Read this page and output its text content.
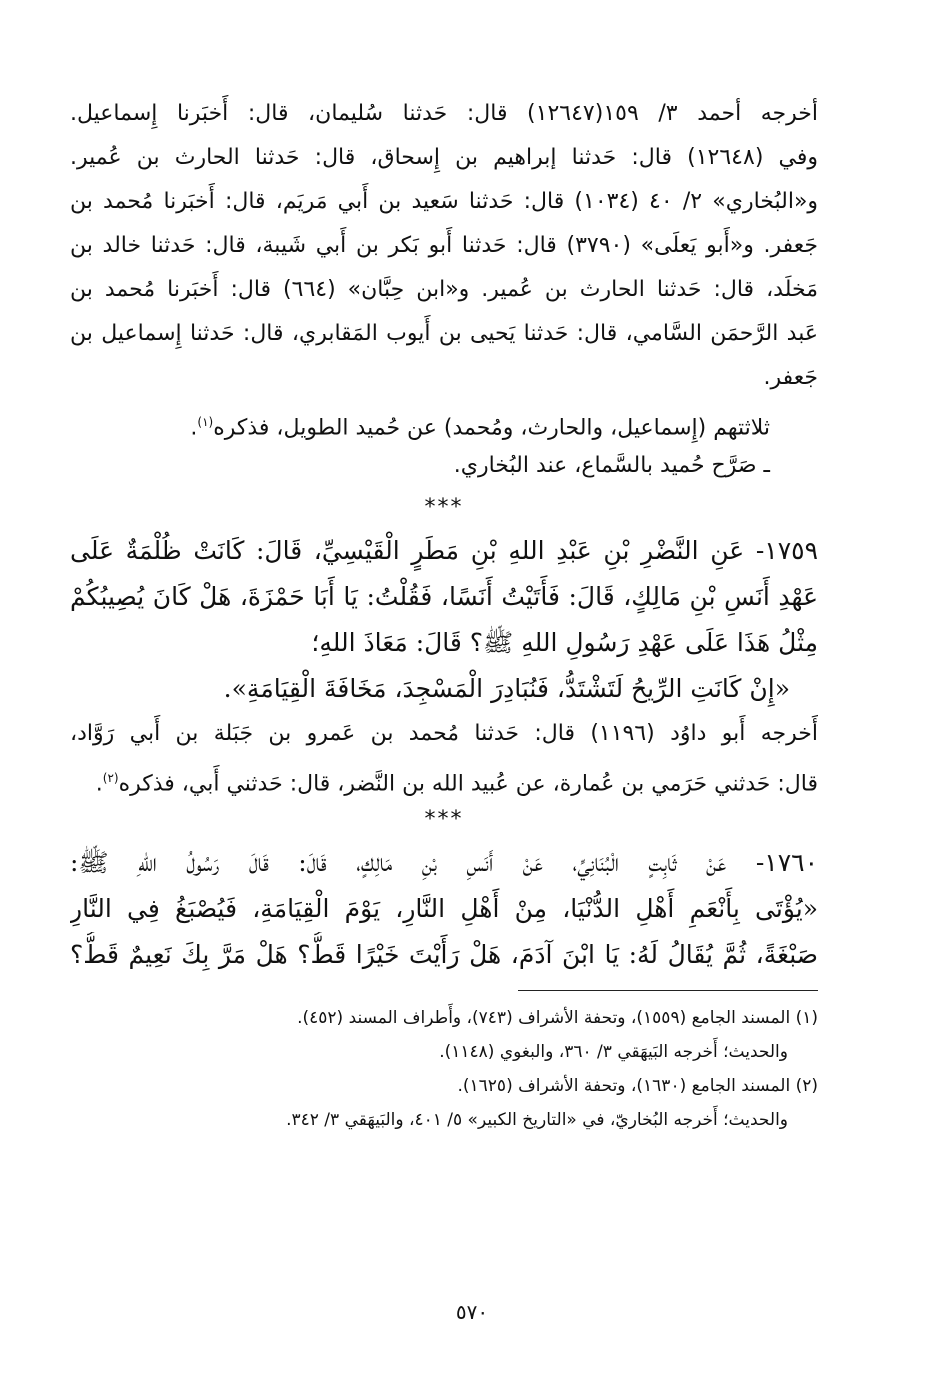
أخرجه أحمد ٣/ ١٥٩(١٢٦٤٧) قال: حَدثنا سُليمان، قال: أَخبَرنا إِسماعيل.
وفي (١٢٦٤٨) قال: حَدثنا إبراهيم بن إِسحاق، قال: حَدثنا الحارث بن عُمير.
و«البُخاري» ٢/ ٤٠ (١٠٣٤) قال: حَدثنا سَعيد بن أَبي مَريَم، قال: أَخبَرنا مُحمد بن
جَعفر. و«أَبو يَعلَى» (٣٧٩٠) قال: حَدثنا أَبو بَكر بن أَبي شَيبة، قال: حَدثنا خالد بن
مَخلَد، قال: حَدثنا الحارث بن عُمير. و«ابن حِبَّان» (٦٦٤) قال: أَخبَرنا مُحمد بن
عَبد الرَّحمَن السَّامي، قال: حَدثنا يَحيى بن أَيوب المَقابري، قال: حَدثنا إِسماعيل بن
جَعفر.
ثلاثتهم (إِسماعيل، والحارث، ومُحمد) عن حُميد الطويل، فذكره$^{(١)}$.
ـ صَرَّح حُميد بالسَّماع، عند البُخاري.
***
١٧٥٩- عَنِ النَّضْرِ بْنِ عَبْدِ اللهِ بْنِ مَطَرٍ الْقَيْسِيِّ، قَالَ: كَانَتْ ظُلْمَةٌ عَلَى
عَهْدِ أَنَسِ بْنِ مَالِكٍ، قَالَ: فَأَتَيْتُ أَنَسًا، فَقُلْتُ: يَا أَبَا حَمْزَةَ، هَلْ كَانَ يُصِيبُكُمْ
مِثْلُ هَذَا عَلَى عَهْدِ رَسُولِ اللهِ ﷺ؟ قَالَ: مَعَاذَ اللهِ؛
«إِنْ كَانَتِ الرِّيحُ لَتَشْتَدُّ، فَنُبَادِرَ الْمَسْجِدَ، مَخَافَةَ الْقِيَامَةِ».
أَخرجه أَبو داوُد (١١٩٦) قال: حَدثنا مُحمد بن عَمرو بن جَبَلة بن أَبي رَوَّاد،
قال: حَدثني حَرَمي بن عُمارة، عن عُبيد الله بن النَّضر، قال: حَدثني أَبي، فذكره$^{(٢)}$.
***
١٧٦٠- عَنْ ثَابِتٍ الْبُنَانِيِّ، عَنْ أَنَسِ بْنِ مَالِكٍ، قَالَ: قَالَ رَسُولُ اللهِ ﷺ:
«يُؤْتَى بِأَنْعَمِ أَهْلِ الدُّنْيَا، مِنْ أَهْلِ النَّارِ، يَوْمَ الْقِيَامَةِ، فَيُصْبَغُ فِي النَّارِ
صَبْغَةً، ثُمَّ يُقَالُ لَهُ: يَا ابْنَ آدَمَ، هَلْ رَأَيْتَ خَيْرًا قَطُّ؟ هَلْ مَرَّ بِكَ نَعِيمٌ قَطُّ؟
(١) المسند الجامع (١٥٥٩)، وتحفة الأشراف (٧٤٣)، وأَطراف المسند (٤٥٢).
والحديث؛ أَخرجه البَيهَقي ٣/ ٣٦٠، والبغوي (١١٤٨).
(٢) المسند الجامع (١٦٣٠)، وتحفة الأشراف (١٦٢٥).
والحديث؛ أَخرجه البُخاريّ، في «التاريخ الكبير» ٥/ ٤٠١، والبَيهَقي ٣/ ٣٤٢.
٥٧٠
